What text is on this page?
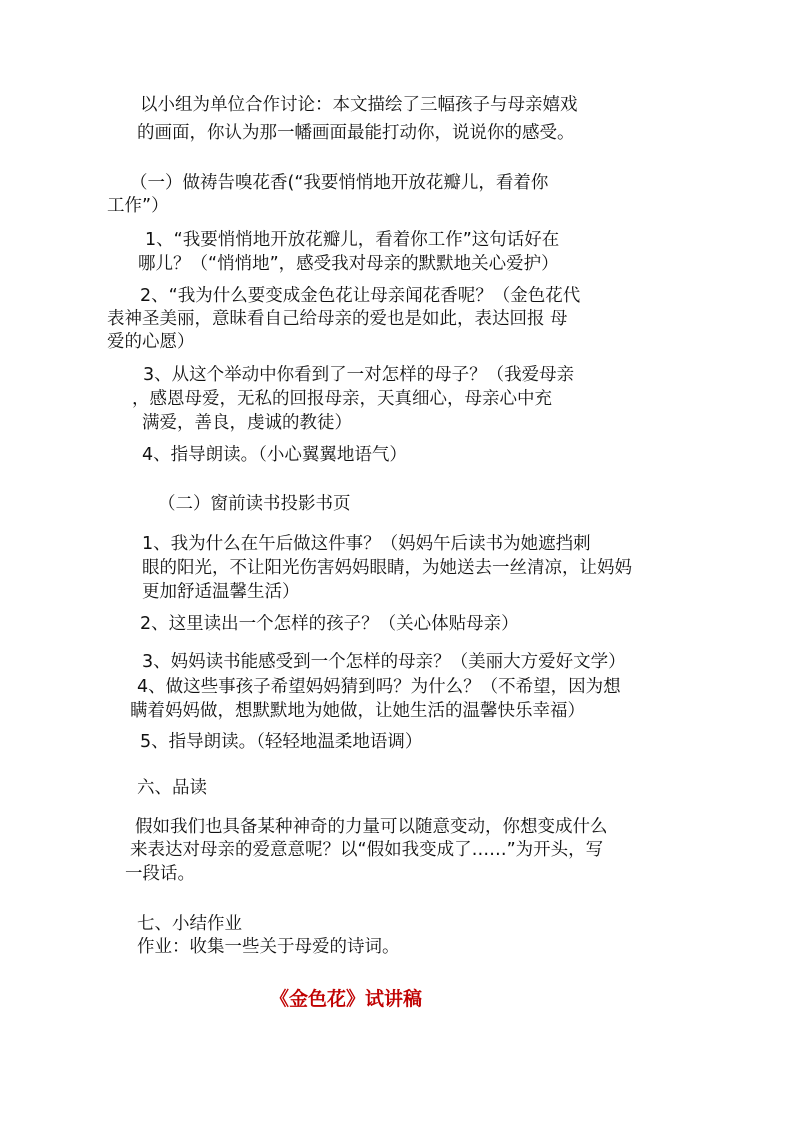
以小组为单位合作讨论：本文描绘了三幅孩子与母亲嬉戏
的画面，你认为那一幡画面最能打动你，说说你的感受。
（一）做祷告嗅花香(“我要悄悄地开放花瓣儿，看着你
工作”）
1、“我要悄悄地开放花瓣儿，看着你工作”这句话好在
哪儿？（“悄悄地”，感受我对母亲的默默地关心爱护）
2、“我为什么要变成金色花让母亲闻花香呢？（金色花代
表神圣美丽，意昧看自己给母亲的爱也是如此，表达回报 母
爱的心愿）
3、从这个举动中你看到了一对怎样的母子？（我爱母亲
，感恩母爱，无私的回报母亲，天真细心，母亲心中充
满爱，善良，虔诚的教徒）
4、指导朗读。（小心翼翼地语气）
（二）窗前读书投影书页
1、我为什么在午后做这件事？（妈妈午后读书为她遮挡刺
眼的阳光，不让阳光伤害妈妈眼睛，为她送去一丝清凉，让妈妈
更加舒适温馨生活）
2、这里读出一个怎样的孩子？（关心体贴母亲）
3、妈妈读书能感受到一个怎样的母亲？（美丽大方爱好文学）
4、做这些事孩子希望妈妈猜到吗？为什么？（不希望，因为想
瞒着妈妈做，想默默地为她做，让她生活的温馨快乐幸福）
5、指导朗读。（轻轻地温柔地语调）
六、品读
假如我们也具备某种神奇的力量可以随意变动，你想变成什么
来表达对母亲的爱意意呢？以“假如我变成了……”为开头，写
一段话。
七、小结作业
作业：收集一些关于母爱的诗词。
《金色花》试讲稿
